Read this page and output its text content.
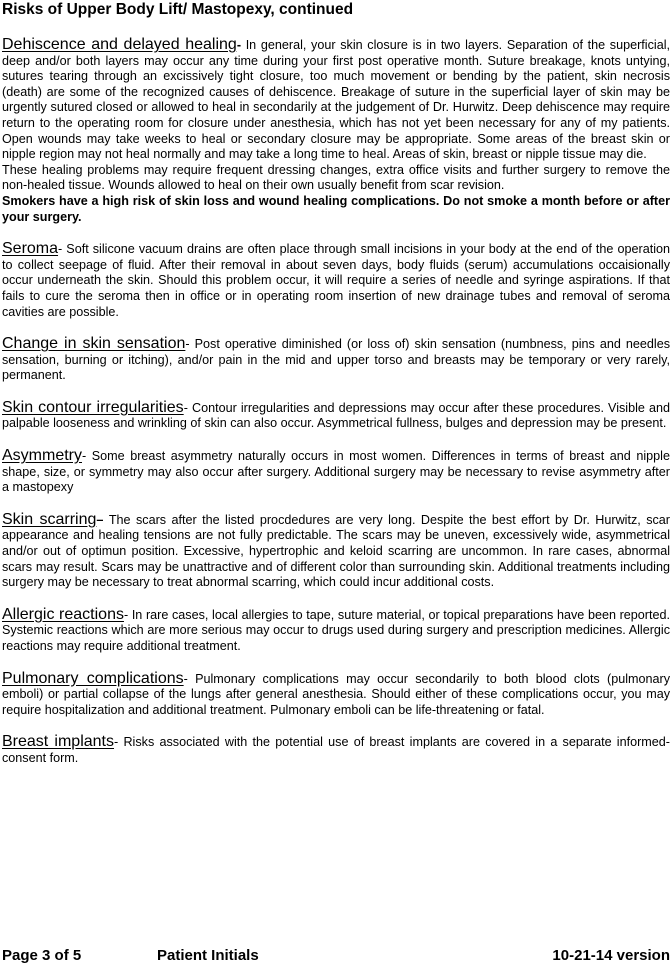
Risks of Upper Body Lift/ Mastopexy, continued
Dehiscence and delayed healing- In general, your skin closure is in two layers. Separation of the superficial, deep and/or both layers may occur any time during your first post operative month. Suture breakage, knots untying, sutures tearing through an excissively tight closure, too much movement or bending by the patient, skin necrosis (death) are some of the recognized causes of dehiscence. Breakage of suture in the superficial layer of skin may be urgently sutured closed or allowed to heal in secondarily at the judgement of Dr. Hurwitz. Deep dehiscence may require return to the operating room for closure under anesthesia, which has not yet been necessary for any of my patients. Open wounds may take weeks to heal or secondary closure may be appropriate. Some areas of the breast skin or nipple region may not heal normally and may take a long time to heal. Areas of skin, breast or nipple tissue may die.
These healing problems may require frequent dressing changes, extra office visits and further surgery to remove the non-healed tissue. Wounds allowed to heal on their own usually benefit from scar revision.
Smokers have a high risk of skin loss and wound healing complications. Do not smoke a month before or after your surgery.
Seroma- Soft silicone vacuum drains are often place through small incisions in your body at the end of the operation to collect seepage of fluid. After their removal in about seven days, body fluids (serum) accumulations occaisionally occur underneath the skin. Should this problem occur, it will require a series of needle and syringe aspirations. If that fails to cure the seroma then in office or in operating room insertion of new drainage tubes and removal of seroma cavities are possible.
Change in skin sensation- Post operative diminished (or loss of) skin sensation (numbness, pins and needles sensation, burning or itching), and/or pain in the mid and upper torso and breasts may be temporary or very rarely, permanent.
Skin contour irregularities- Contour irregularities and depressions may occur after these procedures. Visible and palpable looseness and wrinkling of skin can also occur. Asymmetrical fullness, bulges and depression may be present.
Asymmetry- Some breast asymmetry naturally occurs in most women. Differences in terms of breast and nipple shape, size, or symmetry may also occur after surgery. Additional surgery may be necessary to revise asymmetry after a mastopexy
Skin scarring– The scars after the listed procdedures are very long. Despite the best effort by Dr. Hurwitz, scar appearance and healing tensions are not fully predictable. The scars may be uneven, excessively wide, asymmetrical and/or out of optimun position. Excessive, hypertrophic and keloid scarring are uncommon. In rare cases, abnormal scars may result. Scars may be unattractive and of different color than surrounding skin. Additional treatments including surgery may be necessary to treat abnormal scarring, which could incur additional costs.
Allergic reactions- In rare cases, local allergies to tape, suture material, or topical preparations have been reported. Systemic reactions which are more serious may occur to drugs used during surgery and prescription medicines. Allergic reactions may require additional treatment.
Pulmonary complications- Pulmonary complications may occur secondarily to both blood clots (pulmonary emboli) or partial collapse of the lungs after general anesthesia. Should either of these complications occur, you may require hospitalization and additional treatment. Pulmonary emboli can be life-threatening or fatal.
Breast implants- Risks associated with the potential use of breast implants are covered in a separate informed-consent form.
Page 3 of 5	Patient Initials	10-21-14 version
